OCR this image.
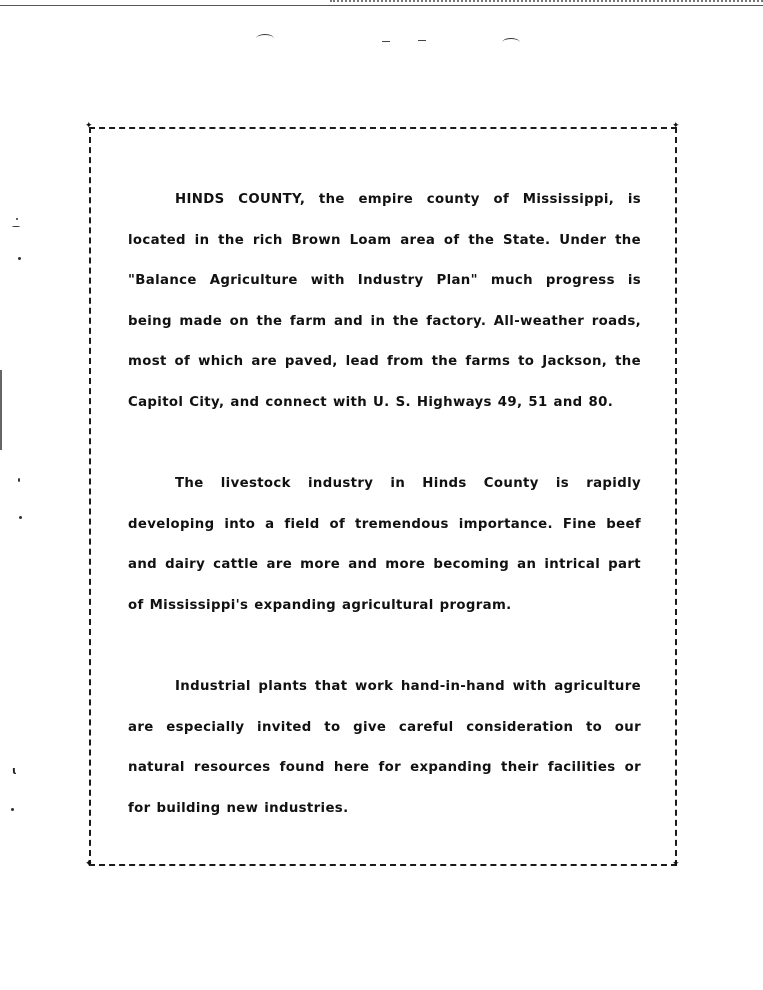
ɩ
✦	✦
✦	✦

HINDS COUNTY, the empire county of Mississippi, is located in the rich Brown Loam area of the State. Under the "Balance Agriculture with Industry Plan" much progress is being made on the farm and in the factory. All-weather roads, most of which are paved, lead from the farms to Jackson, the Capitol City, and connect with U. S. Highways 49, 51 and 80.

The livestock industry in Hinds County is rapidly developing into a field of tremendous importance. Fine beef and dairy cattle are more and more becoming an intrical part of Mississippi's expanding agricultural program.

Industrial plants that work hand-in-hand with agriculture are especially invited to give careful consideration to our natural resources found here for expanding their facilities or for building new industries.
